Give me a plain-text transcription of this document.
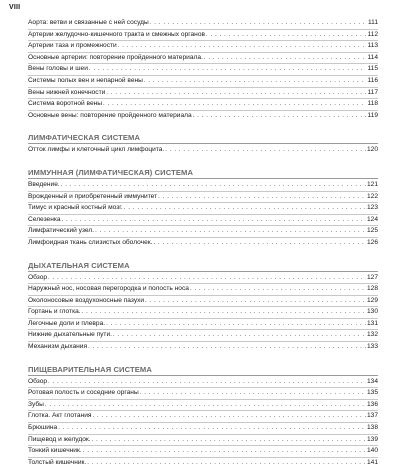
VIII
Аорта: ветви и связанные с ней сосуды . . .	111
Артерии желудочно-кишечного тракта и смежных органов . . .	112
Артерии таза и промежности . . .	113
Основные артерии: повторение пройденного материала. . . .	114
Вены головы и шеи . . .	115
Системы полых вен и непарной вены . . .	116
Вены нижней конечности . . .	117
Система воротной вены . . .	118
Основные вены: повторение пройденного материала . . .	119
ЛИМФАТИЧЕСКАЯ СИСТЕМА
Отток лимфы и клеточный цикл лимфоцита. . . .	120
ИММУННАЯ (ЛИМФАТИЧЕСКАЯ) СИСТЕМА
Введение. . . .	121
Врожденный и приобретенный иммунитет . . .	122
Тимус и красный костный мозг. . . .	123
Селезенка . . .	124
Лимфатический узел. . . .	125
Лимфоидная ткань слизистых оболочек. . . .	126
ДЫХАТЕЛЬНАЯ СИСТЕМА
Обзор . . .	127
Наружный нос, носовая перегородка и полость носа . . .	128
Околоносовые воздухоносные пазухи . . .	129
Гортань и глотка. . . .	130
Легочные доли и плевра. . . .	131
Нижние дыхательные пути. . . .	132
Механизм дыхания . . .	133
ПИЩЕВАРИТЕЛЬНАЯ СИСТЕМА
Обзор . . .	134
Ротовая полость и соседние органы . . .	135
Зубы . . .	136
Глотка. Акт глотания . . .	137
Брюшина . . .	138
Пищевод и желудок. . . .	139
Тонкий кишечник. . . .	140
Толстый кишечник. . . .	141
